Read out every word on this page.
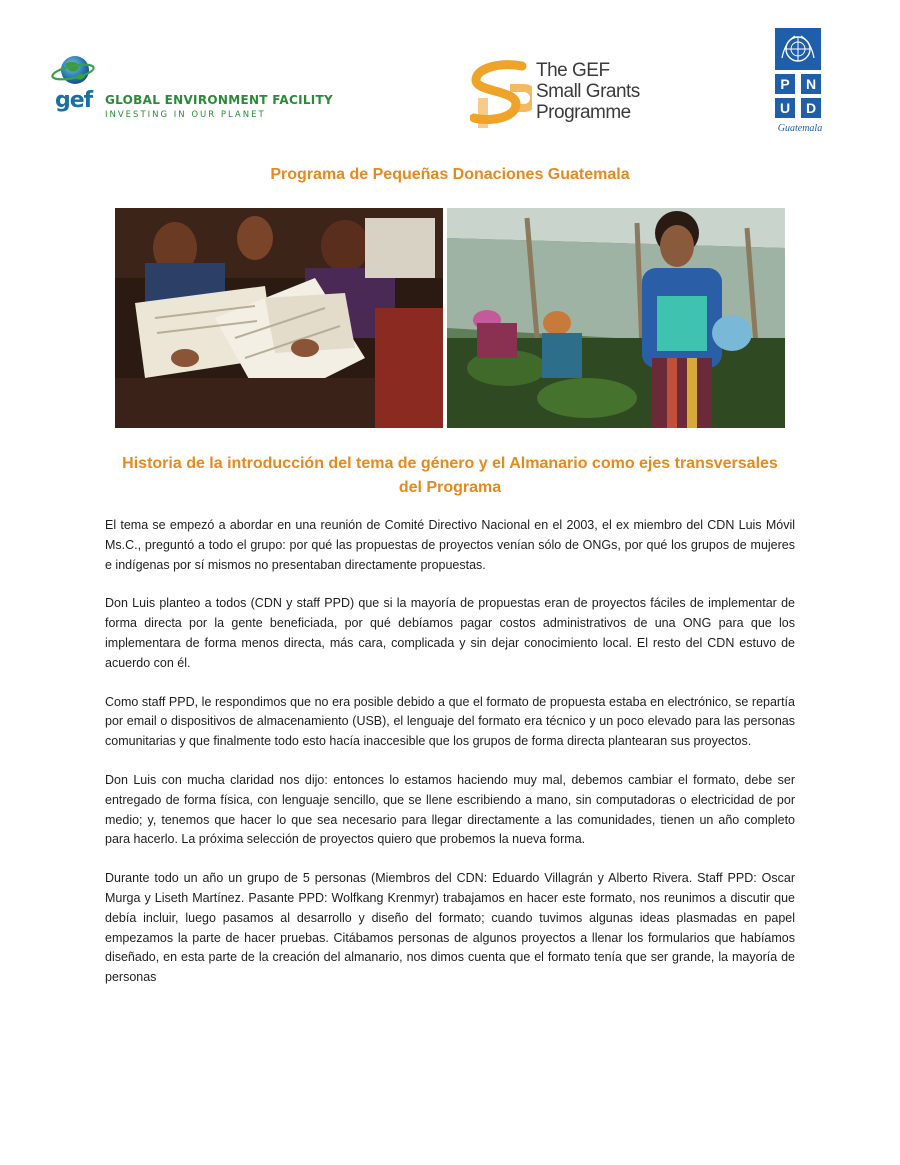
gef GLOBAL ENVIRONMENT FACILITY
INVESTING IN OUR PLANET
The GEF
Small Grants
Programme
P	N
U	D
Guatemala
Programa de Pequeñas Donaciones Guatemala
Historia de la introducción del tema de género y el Almanario como ejes transversales del Programa

El tema se empezó a abordar en una reunión de Comité Directivo Nacional en el 2003, el ex miembro del CDN Luis Móvil Ms.C., preguntó a todo el grupo: por qué las propuestas de proyectos venían sólo de ONGs, por qué los grupos de mujeres e indígenas por sí mismos no presentaban directamente propuestas.

Don Luis planteo a todos (CDN y staff PPD) que si la mayoría de propuestas eran de proyectos fáciles de implementar de forma directa por la gente beneficiada, por qué debíamos pagar costos administrativos de una ONG para que los implementara de forma menos directa, más cara, complicada y sin dejar conocimiento local. El resto del CDN estuvo de acuerdo con él.

Como staff PPD, le respondimos que no era posible debido a que el formato de propuesta estaba en electrónico, se repartía por email o dispositivos de almacenamiento (USB), el lenguaje del formato era técnico y un poco elevado para las personas comunitarias y que finalmente todo esto hacía inaccesible que los grupos de forma directa plantearan sus proyectos.

Don Luis con mucha claridad nos dijo: entonces lo estamos haciendo muy mal, debemos cambiar el formato, debe ser entregado de forma física, con lenguaje sencillo, que se llene escribiendo a mano, sin computadoras o electricidad de por medio; y, tenemos que hacer lo que sea necesario para llegar directamente a las comunidades, tienen un año completo para hacerlo. La próxima selección de proyectos quiero que probemos la nueva forma.

Durante todo un año un grupo de 5 personas (Miembros del CDN: Eduardo Villagrán y Alberto Rivera. Staff PPD: Oscar Murga y Liseth Martínez. Pasante PPD: Wolfkang Krenmyr) trabajamos en hacer este formato, nos reunimos a discutir que debía incluir, luego pasamos al desarrollo y diseño del formato; cuando tuvimos algunas ideas plasmadas en papel empezamos la parte de hacer pruebas. Citábamos personas de algunos proyectos a llenar los formularios que habíamos diseñado, en esta parte de la creación del almanario, nos dimos cuenta que el formato tenía que ser grande, la mayoría de personas
